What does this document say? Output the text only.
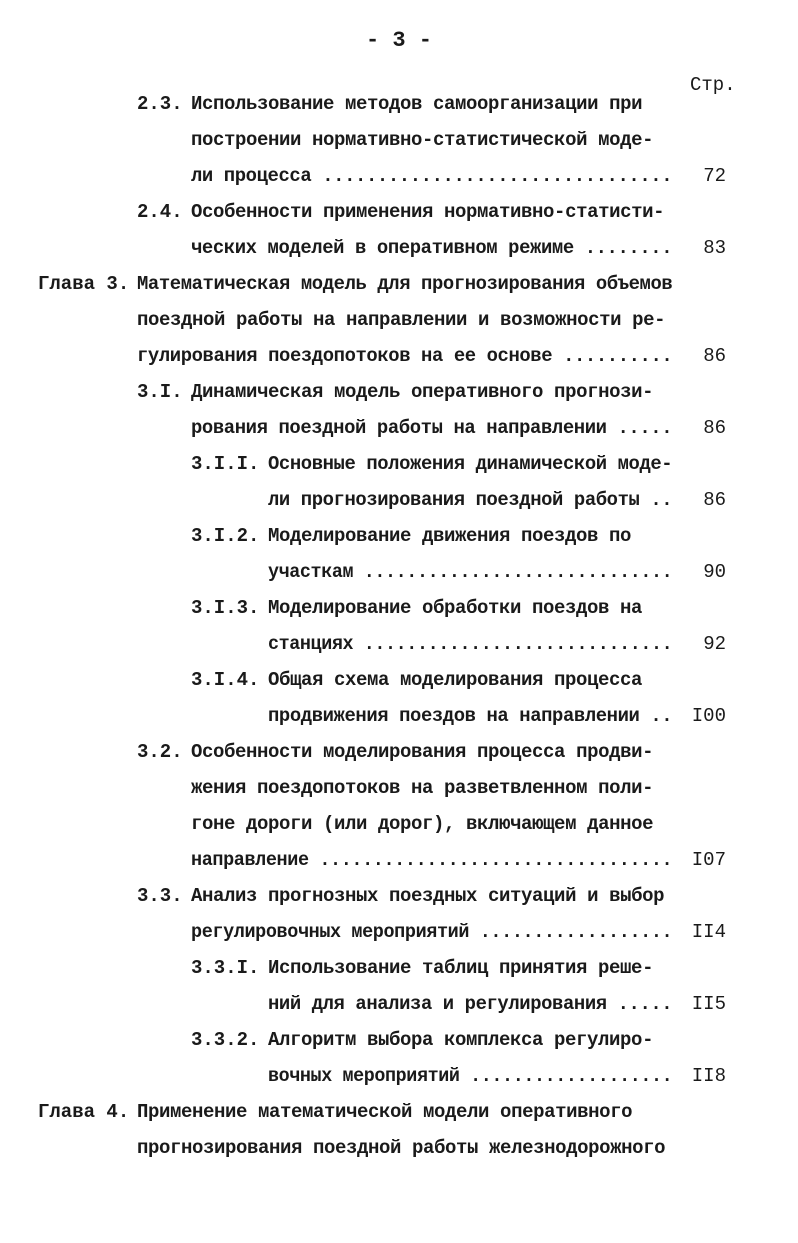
- 3 -
Стр.
2.3. Использование методов самоорганизации при
построении нормативно-статистической моде-
ли процесса ................................	72
2.4. Особенности применения нормативно-статисти-
ческих моделей в оперативном режиме ........	83
Глава 3. Математическая модель для прогнозирования объемов
поездной работы на направлении и возможности ре-
гулирования поездопотоков на ее основе ..........	86
3.I. Динамическая модель оперативного прогнози-
рования поездной работы на направлении .....	86
3.I.I. Основные положения динамической моде-
ли прогнозирования поездной работы ..	86
3.I.2. Моделирование движения поездов по
участкам .............................	90
3.I.3. Моделирование обработки поездов на
станциях .............................	92
3.I.4. Общая схема моделирования процесса
продвижения поездов на направлении ..	I00
3.2. Особенности моделирования процесса продви-
жения поездопотоков на разветвленном поли-
гоне дороги (или дорог), включающем данное
направление .................................	I07
3.3. Анализ прогнозных поездных ситуаций и выбор
регулировочных мероприятий ..................	II4
3.3.I. Использование таблиц принятия реше-
ний для анализа и регулирования .....	II5
3.3.2. Алгоритм выбора комплекса регулиро-
вочных мероприятий ...................	II8
Глава 4. Применение математической модели оперативного
прогнозирования поездной работы железнодорожного
